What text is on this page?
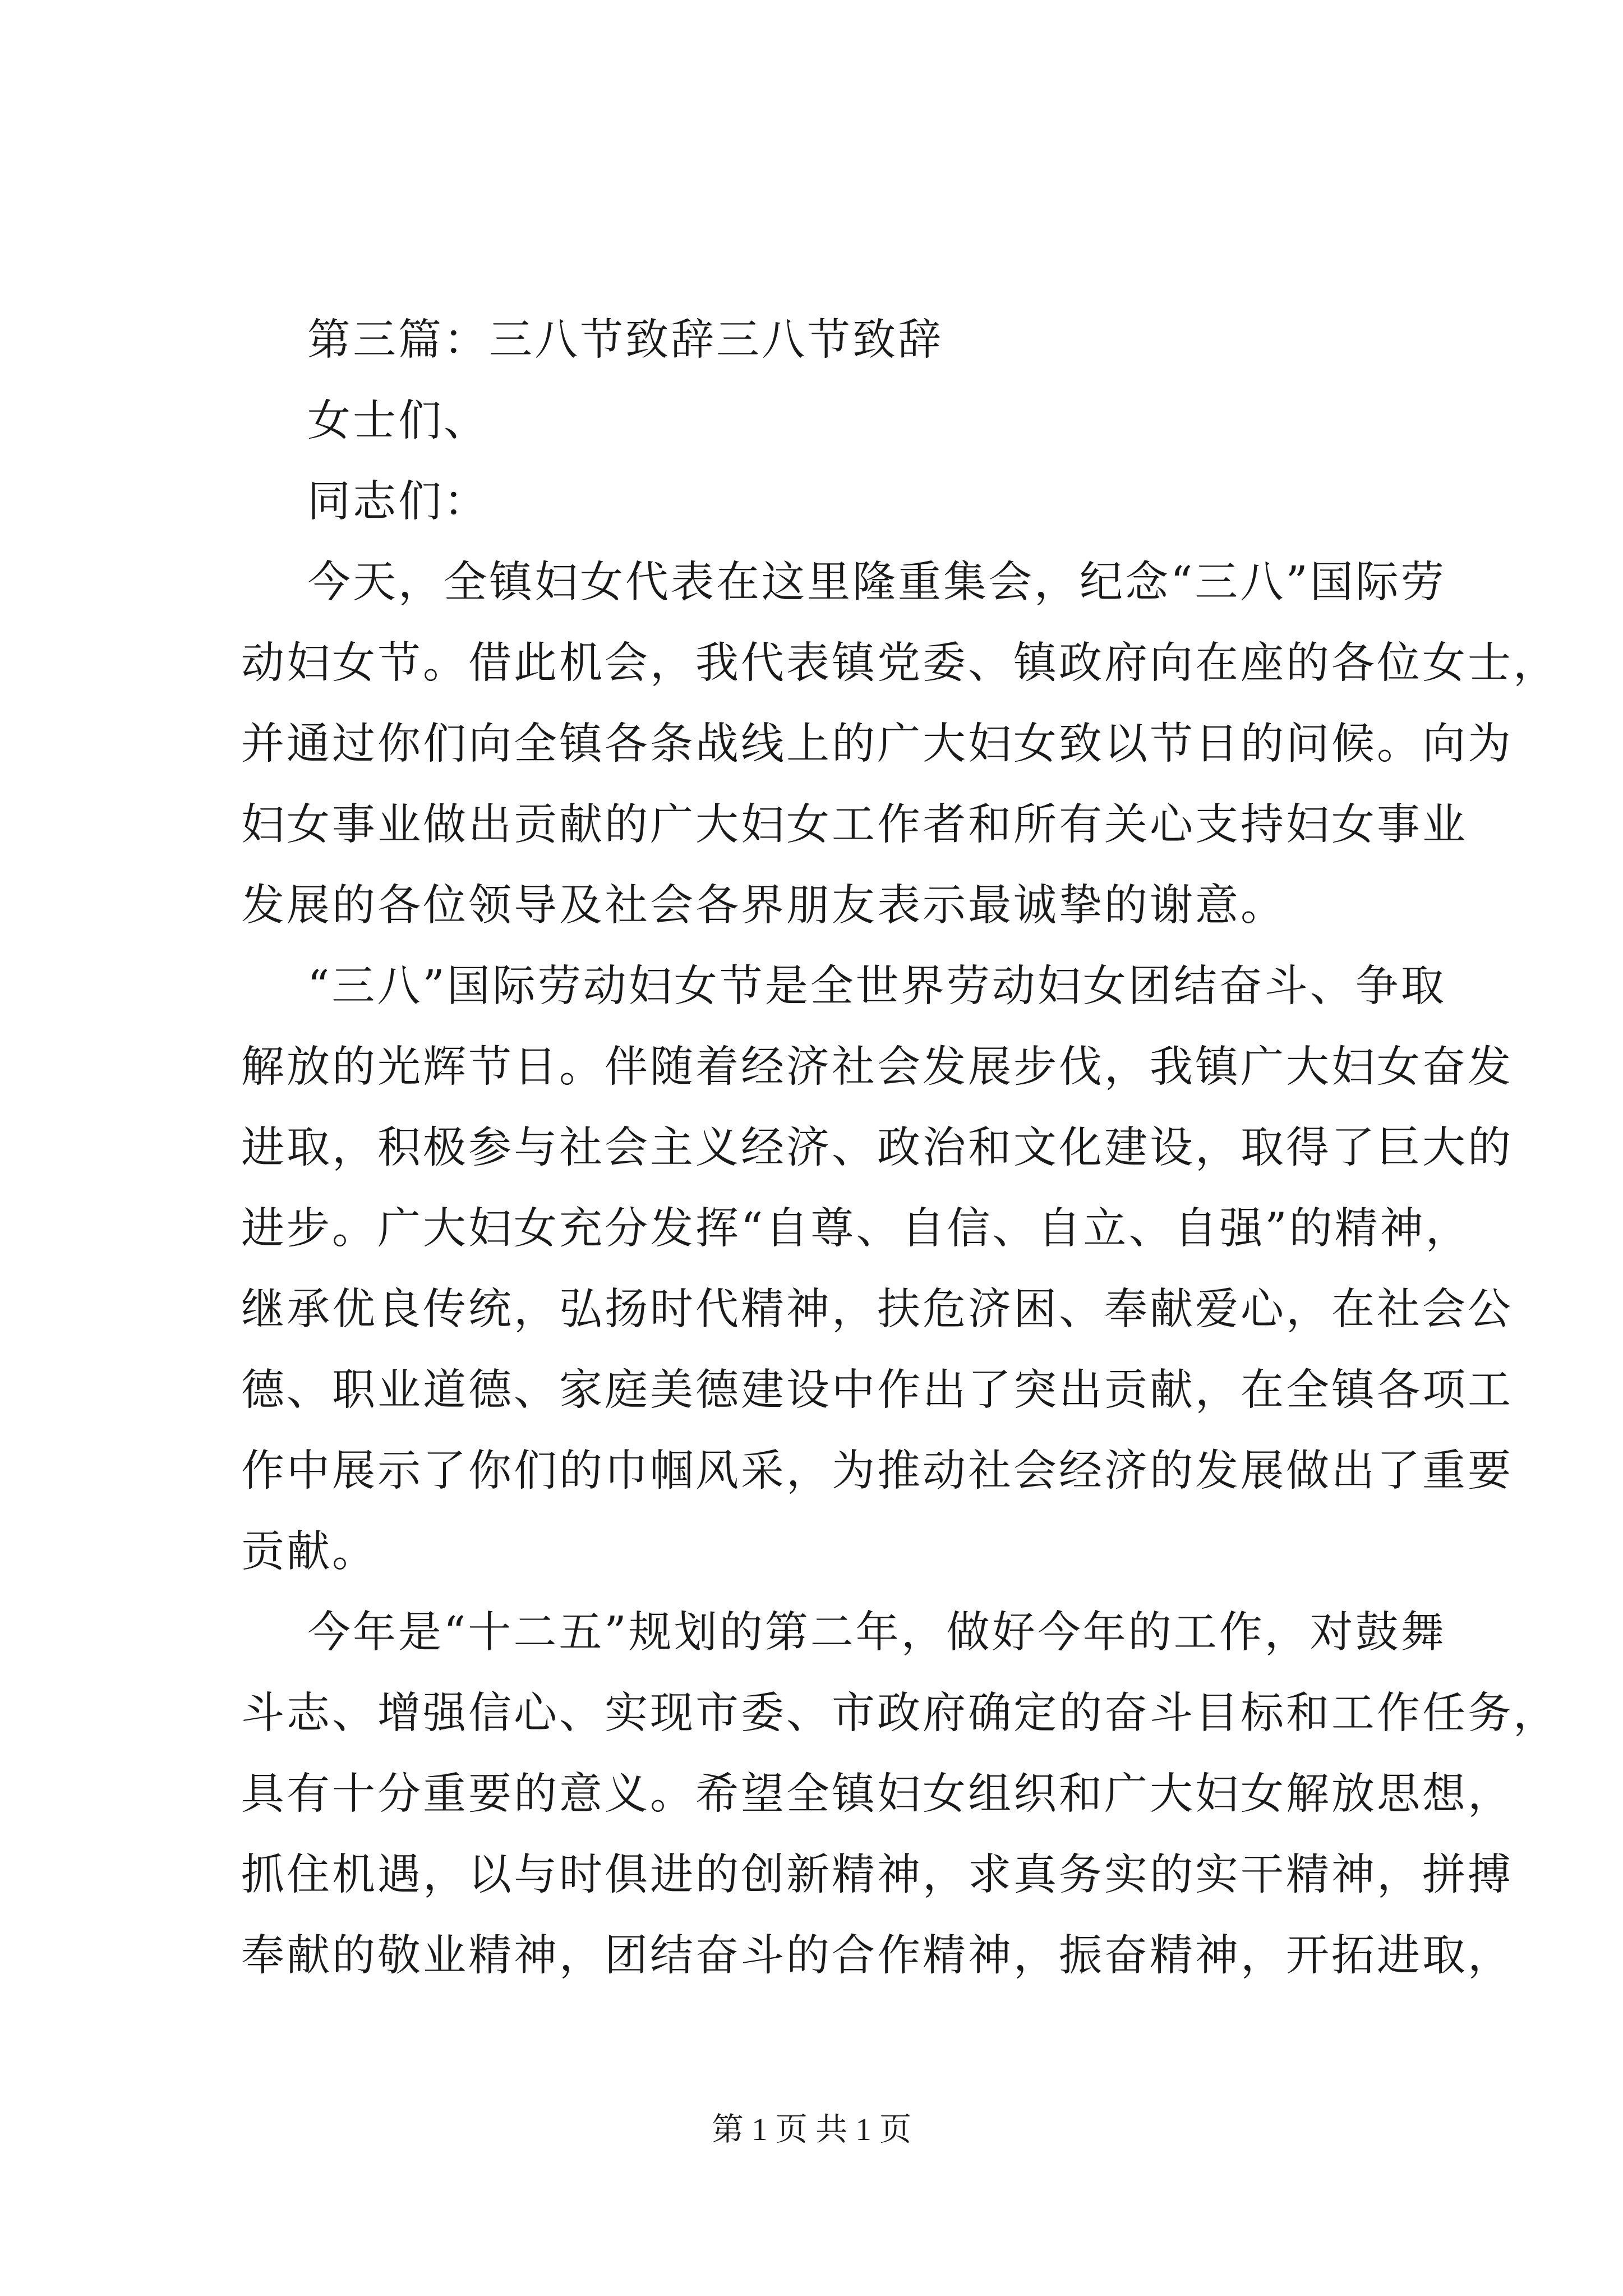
第三篇：三八节致辞三八节致辞

女士们、

同志们：

今天，全镇妇女代表在这里隆重集会，纪念“三八”国际劳

动妇女节。借此机会，我代表镇党委、镇政府向在座的各位女士，

并通过你们向全镇各条战线上的广大妇女致以节日的问候。向为

妇女事业做出贡献的广大妇女工作者和所有关心支持妇女事业

发展的各位领导及社会各界朋友表示最诚挚的谢意。

“三八”国际劳动妇女节是全世界劳动妇女团结奋斗、争取

解放的光辉节日。伴随着经济社会发展步伐，我镇广大妇女奋发

进取，积极参与社会主义经济、政治和文化建设，取得了巨大的

进步。广大妇女充分发挥“自尊、自信、自立、自强”的精神，

继承优良传统，弘扬时代精神，扶危济困、奉献爱心，在社会公

德、职业道德、家庭美德建设中作出了突出贡献，在全镇各项工

作中展示了你们的巾帼风采，为推动社会经济的发展做出了重要

贡献。

今年是“十二五”规划的第二年，做好今年的工作，对鼓舞

斗志、增强信心、实现市委、市政府确定的奋斗目标和工作任务，

具有十分重要的意义。希望全镇妇女组织和广大妇女解放思想，

抓住机遇，以与时俱进的创新精神，求真务实的实干精神，拼搏

奉献的敬业精神，团结奋斗的合作精神，振奋精神，开拓进取，

第 1 页 共 1 页
